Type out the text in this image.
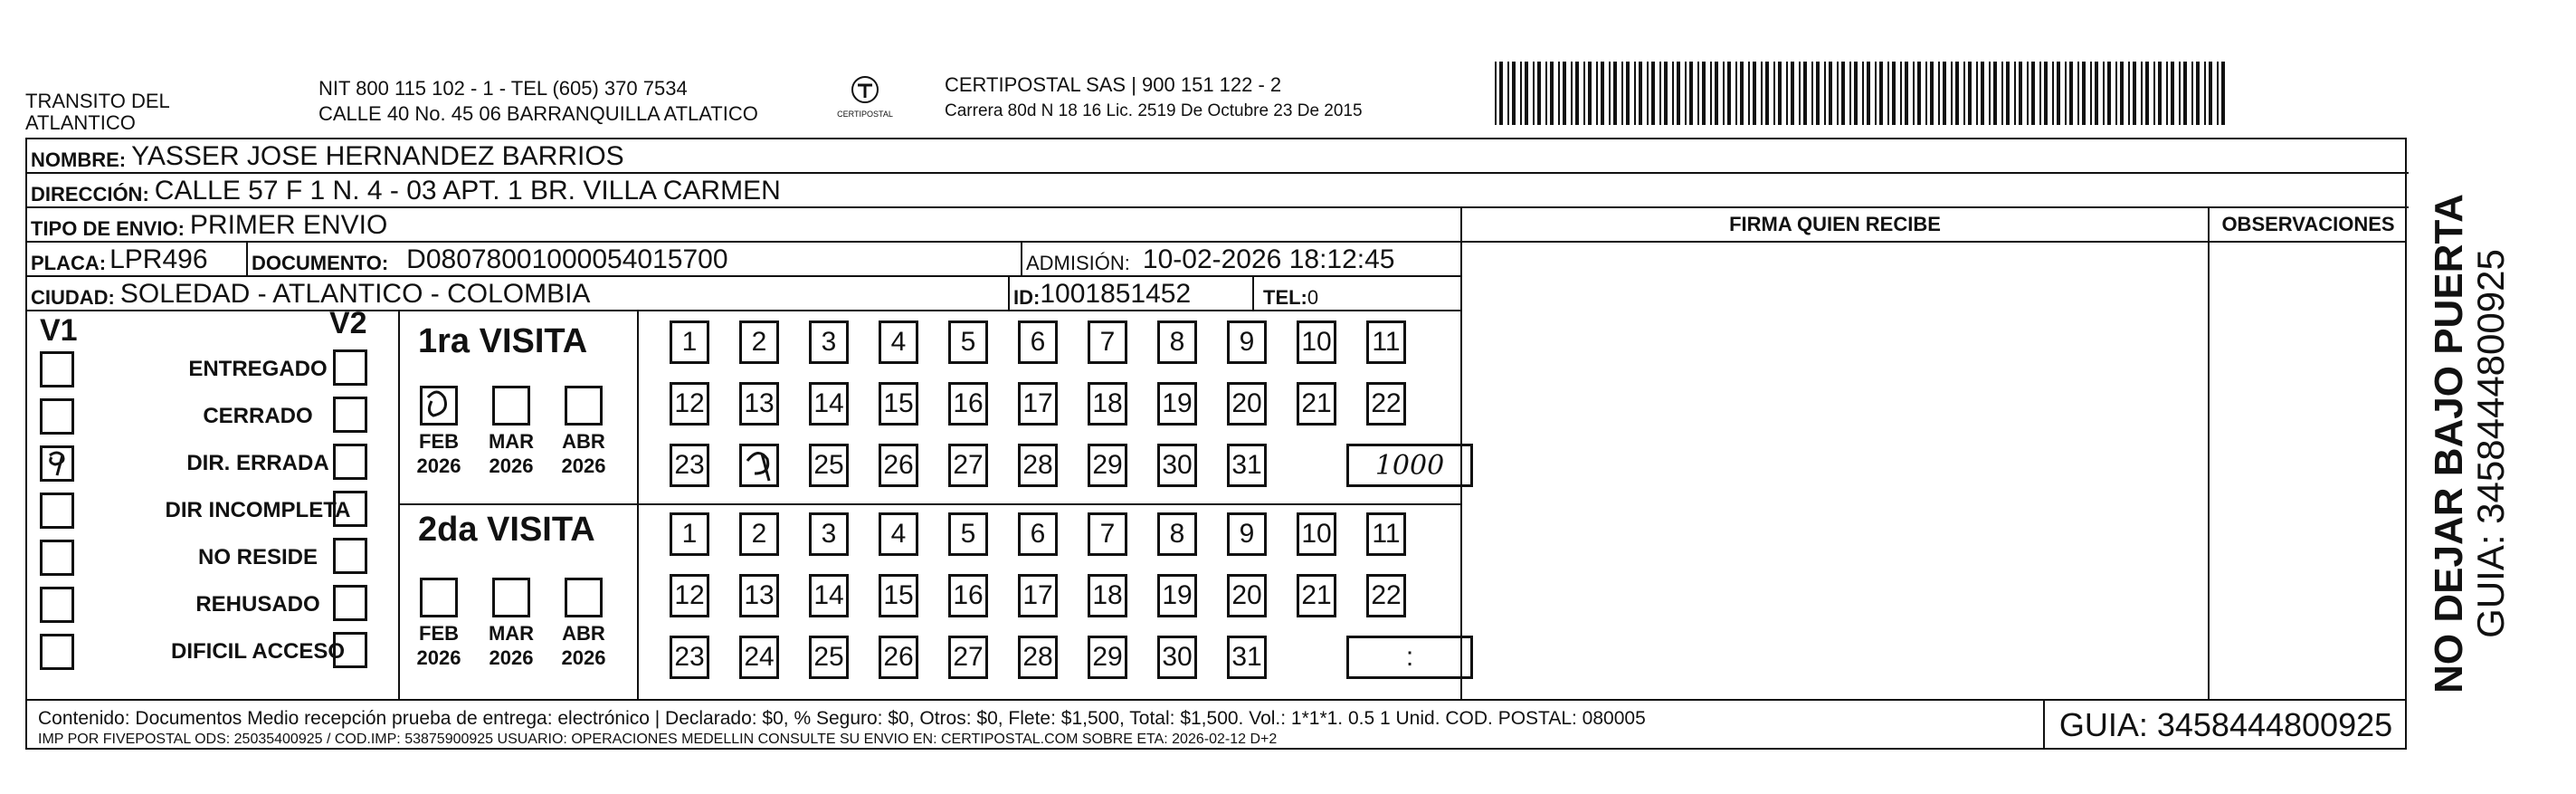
TRANSITO DEL ATLANTICO
NIT 800 115 102 - 1 - TEL (605) 370 7534
CALLE 40 No. 45 06 BARRANQUILLA ATLATICO	CERTIPOSTAL
CERTIPOSTAL SAS | 900 151 122 - 2
Carrera 80d N 18 16 Lic. 2519 De Octubre 23 De 2015
NOMBRE: YASSER JOSE HERNANDEZ BARRIOS
DIRECCIÓN: CALLE 57 F 1 N. 4 - 03 APT. 1 BR. VILLA CARMEN
TIPO DE ENVIO: PRIMER ENVIO
PLACA: LPR496 DOCUMENTO: D08078001000054015700	ADMISIÓN: 10-02-2026 18:12:45
CIUDAD: SOLEDAD - ATLANTICO - COLOMBIA	ID: 1001851452	TEL: 0
FIRMA QUIEN RECIBE	OBSERVACIONES
V1	V2
ENTREGADO
CERRADO
DIR. ERRADA
DIR INCOMPLETA
NO RESIDE
REHUSADO
DIFICIL ACCESO
1ra VISITA
2da VISITA
FEB
2026
MAR
2026
ABR
2026
1	2	3	4	5	6	7	8	9	10 11
12 13 14 15 16 17 18 19 20 21 22
23	25 26 27 28 29 30 31	1000
FEB
2026
MAR
2026
ABR
2026
1	2	3	4	5	6	7	8	9	10 11
12 13 14 15 16 17 18 19 20 21 22
23 24 25 26 27 28 29 30 31	:
Contenido: Documentos Medio recepción prueba de entrega: electrónico | Declarado: $0, % Seguro: $0, Otros: $0, Flete: $1,500, Total: $1,500. Vol.: 1*1*1. 0.5 1 Unid. COD. POSTAL: 080005
IMP POR FIVEPOSTAL ODS: 25035400925 / COD.IMP: 53875900925 USUARIO: OPERACIONES MEDELLIN CONSULTE SU ENVIO EN: CERTIPOSTAL.COM SOBRE ETA: 2026-02-12 D+2	GUIA: 3458444800925
NO DEJAR BAJO PUERTA
GUIA: 3458444800925
